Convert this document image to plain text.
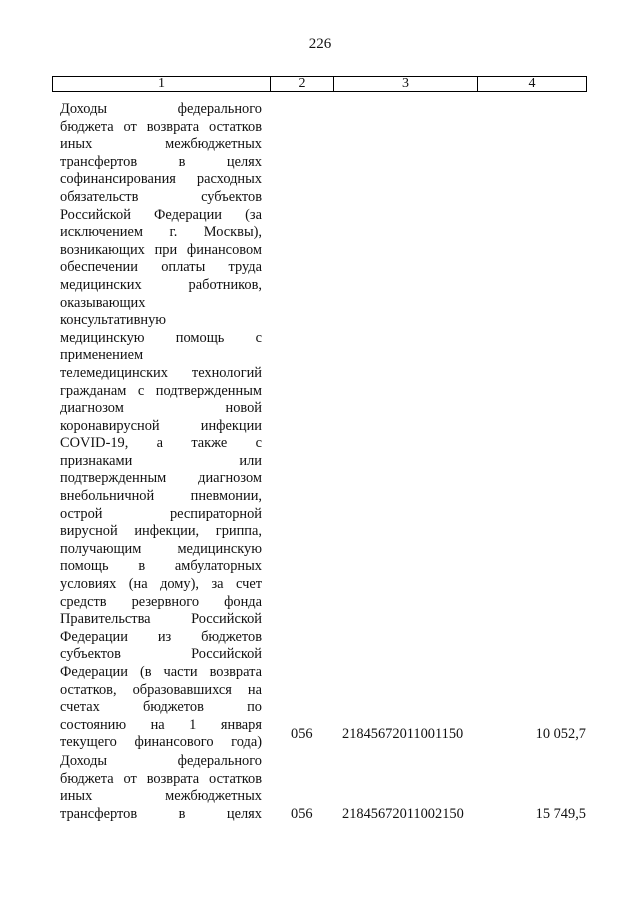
226
1	2	3	4
Доходы федерального
бюджета от возврата остатков
иных межбюджетных
трансфертов в целях
софинансирования расходных
обязательств субъектов
Российской Федерации (за
исключением г. Москвы),
возникающих при финансовом
обеспечении оплаты труда
медицинских работников,
оказывающих
консультативную
медицинскую помощь с
применением
телемедицинских технологий
гражданам с подтвержденным
диагнозом новой
коронавирусной инфекции
COVID-19, а также с
признаками или
подтвержденным диагнозом
внебольничной пневмонии,
острой респираторной
вирусной инфекции, гриппа,
получающим медицинскую
помощь в амбулаторных
условиях (на дому), за счет
средств резервного фонда
Правительства Российской
Федерации из бюджетов
субъектов Российской
Федерации (в части возврата
остатков, образовавшихся на
счетах бюджетов по
состоянию на 1 января
текущего финансового года)
056 21845672011001150	10 052,7
Доходы федерального
бюджета от возврата остатков
иных межбюджетных
трансфертов в целях 056 21845672011002150	15 749,5
